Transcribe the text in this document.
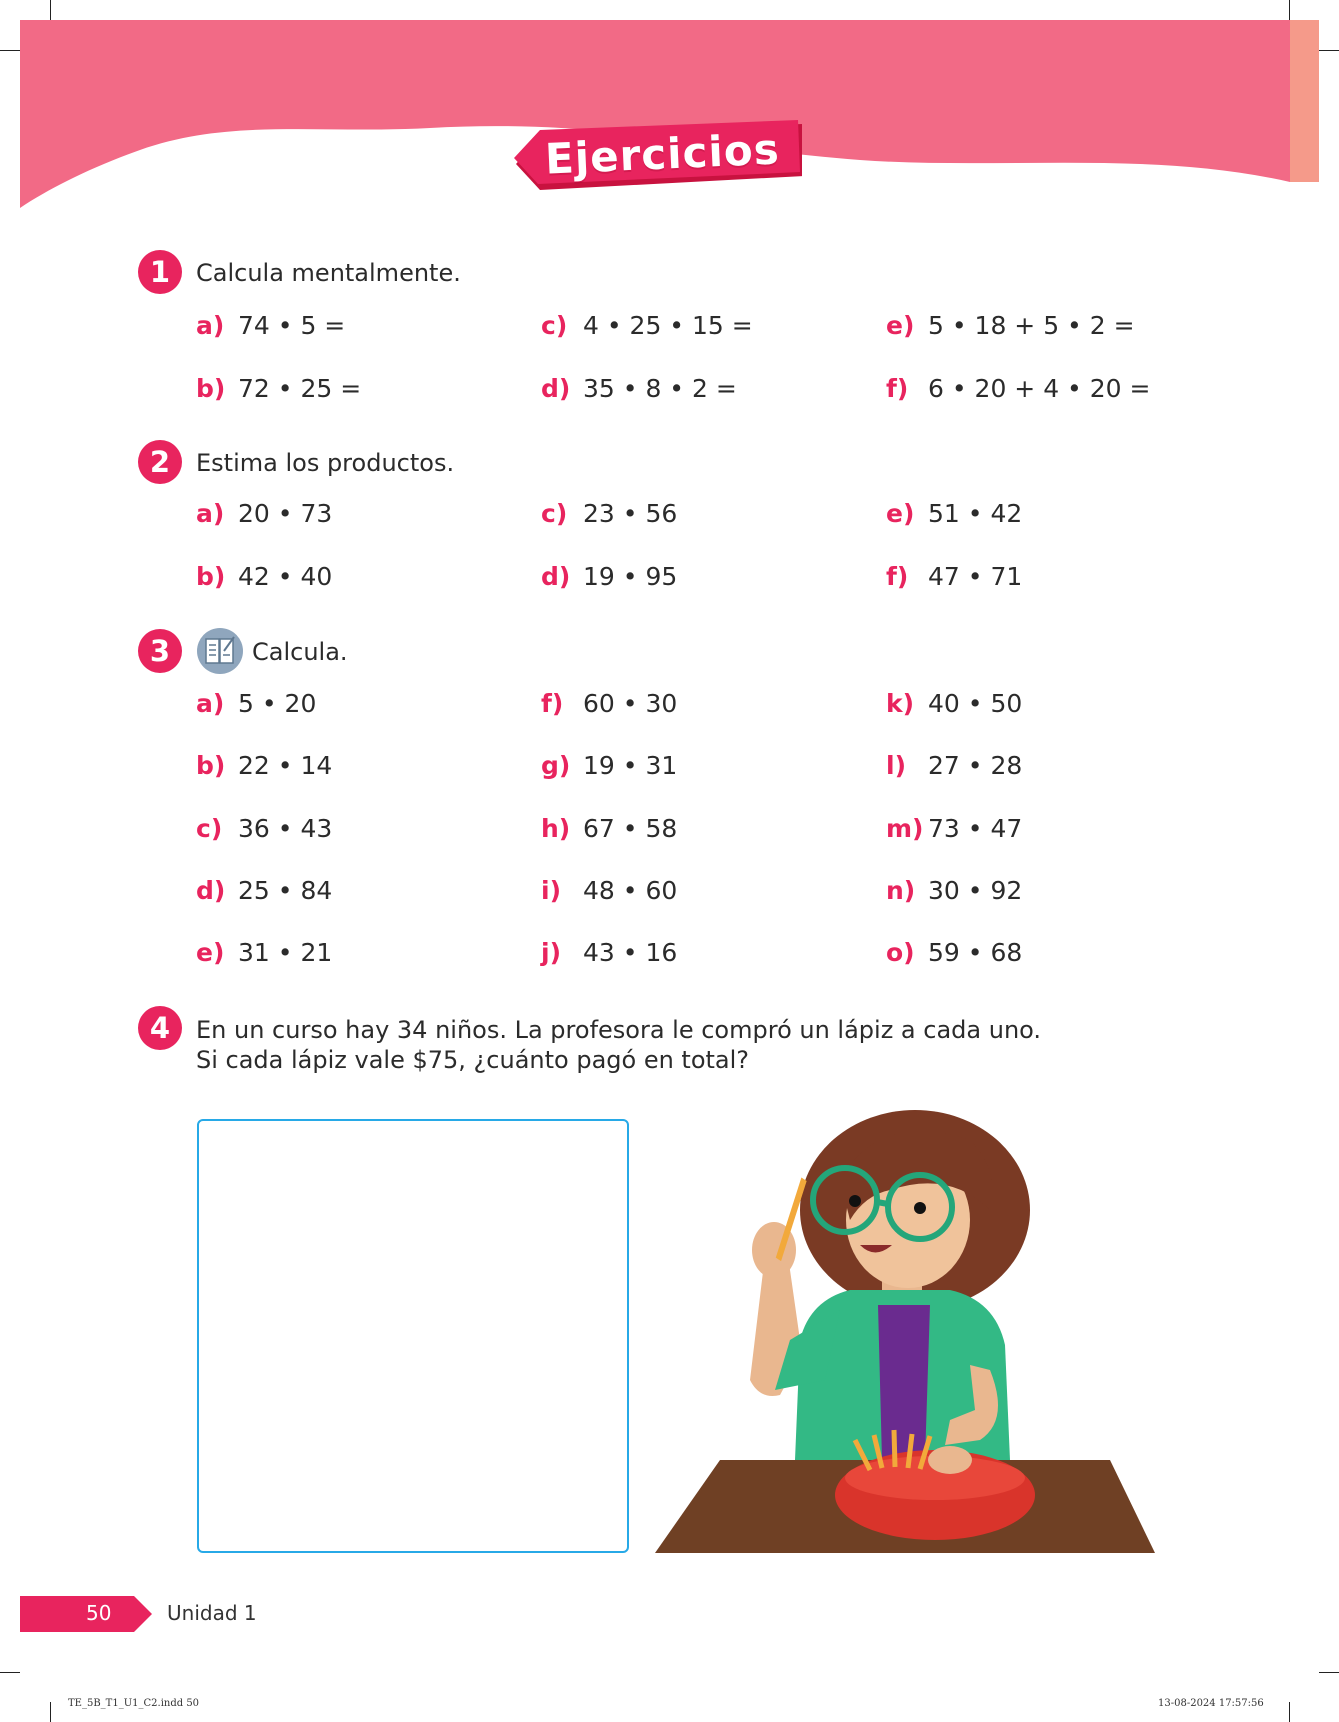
Ejercicios
1	Calcula mentalmente.
a) 74 • 5 =
b) 72 • 25 =
c) 4 • 25 • 15 =
d) 35 • 8 • 2 =
e) 5 • 18 + 5 • 2 =
f) 6 • 20 + 4 • 20 =
2	Estima los productos.
a) 20 • 73
b) 42 • 40
c) 23 • 56
d) 19 • 95
e) 51 • 42
f) 47 • 71
3	Calcula.
a) 5 • 20
b) 22 • 14
c) 36 • 43
d) 25 • 84
e) 31 • 21
f) 60 • 30
g) 19 • 31
h) 67 • 58
i) 48 • 60
j) 43 • 16
k) 40 • 50
l) 27 • 28
m) 73 • 47
n) 30 • 92
o) 59 • 68
4	En un curso hay 34 niños. La profesora le compró un lápiz a cada uno.
Si cada lápiz vale $75, ¿cuánto pagó en total?
50	Unidad 1
TE_5B_T1_U1_C2.indd 50	13-08-2024 17:57:56
